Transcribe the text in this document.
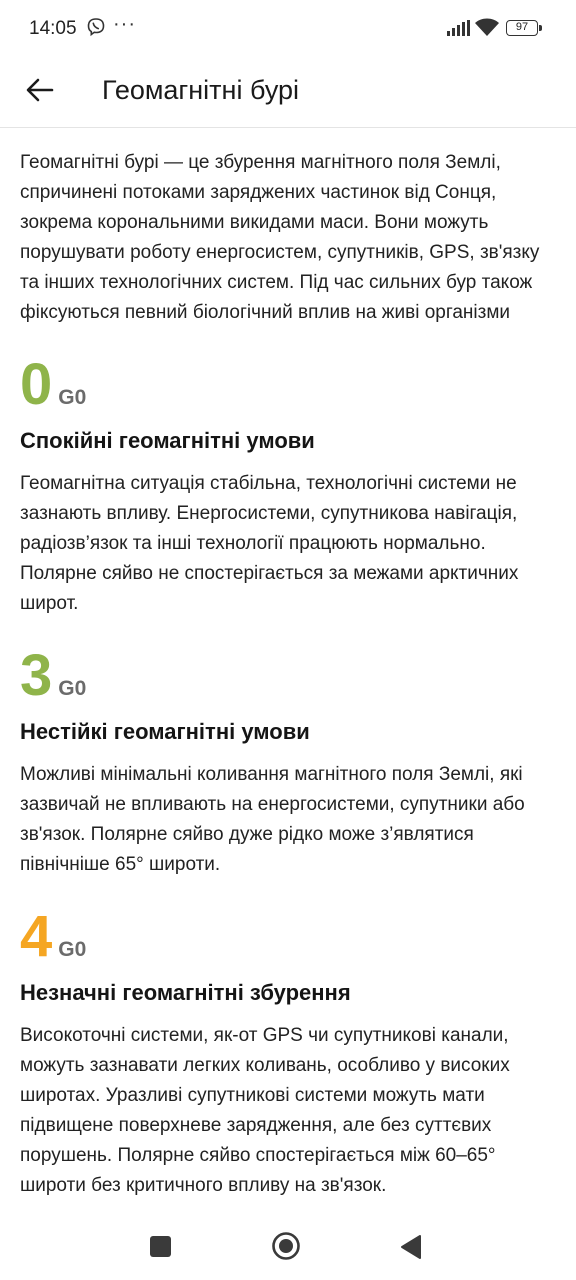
14:05 ···	97
Геомагнітні бурі

Геомагнітні бурі — це збурення магнітного поля Землі, спричинені потоками заряджених частинок від Сонця, зокрема корональними викидами маси. Вони можуть порушувати роботу енергосистем, супутників, GPS, зв'язку та інших технологічних систем. Під час сильних бур також фіксуються певний біологічний вплив на живі організми

0 G0
Спокійні геомагнітні умови

Геомагнітна ситуація стабільна, технологічні системи не зазнають впливу. Енергосистеми, супутникова навігація, радіозв’язок та інші технології працюють нормально. Полярне сяйво не спостерігається за межами арктичних широт.

3 G0
Нестійкі геомагнітні умови

Можливі мінімальні коливання магнітного поля Землі, які зазвичай не впливають на енергосистеми, супутники або зв'язок. Полярне сяйво дуже рідко може з’являтися північніше 65° широти.

4 G0
Незначні геомагнітні збурення

Високоточні системи, як-от GPS чи супутникові канали, можуть зазнавати легких коливань, особливо у високих широтах. Уразливі супутникові системи можуть мати підвищене поверхневе зарядження, але без суттєвих порушень. Полярне сяйво спостерігається між 60–65° широти без критичного впливу на зв'язок.
